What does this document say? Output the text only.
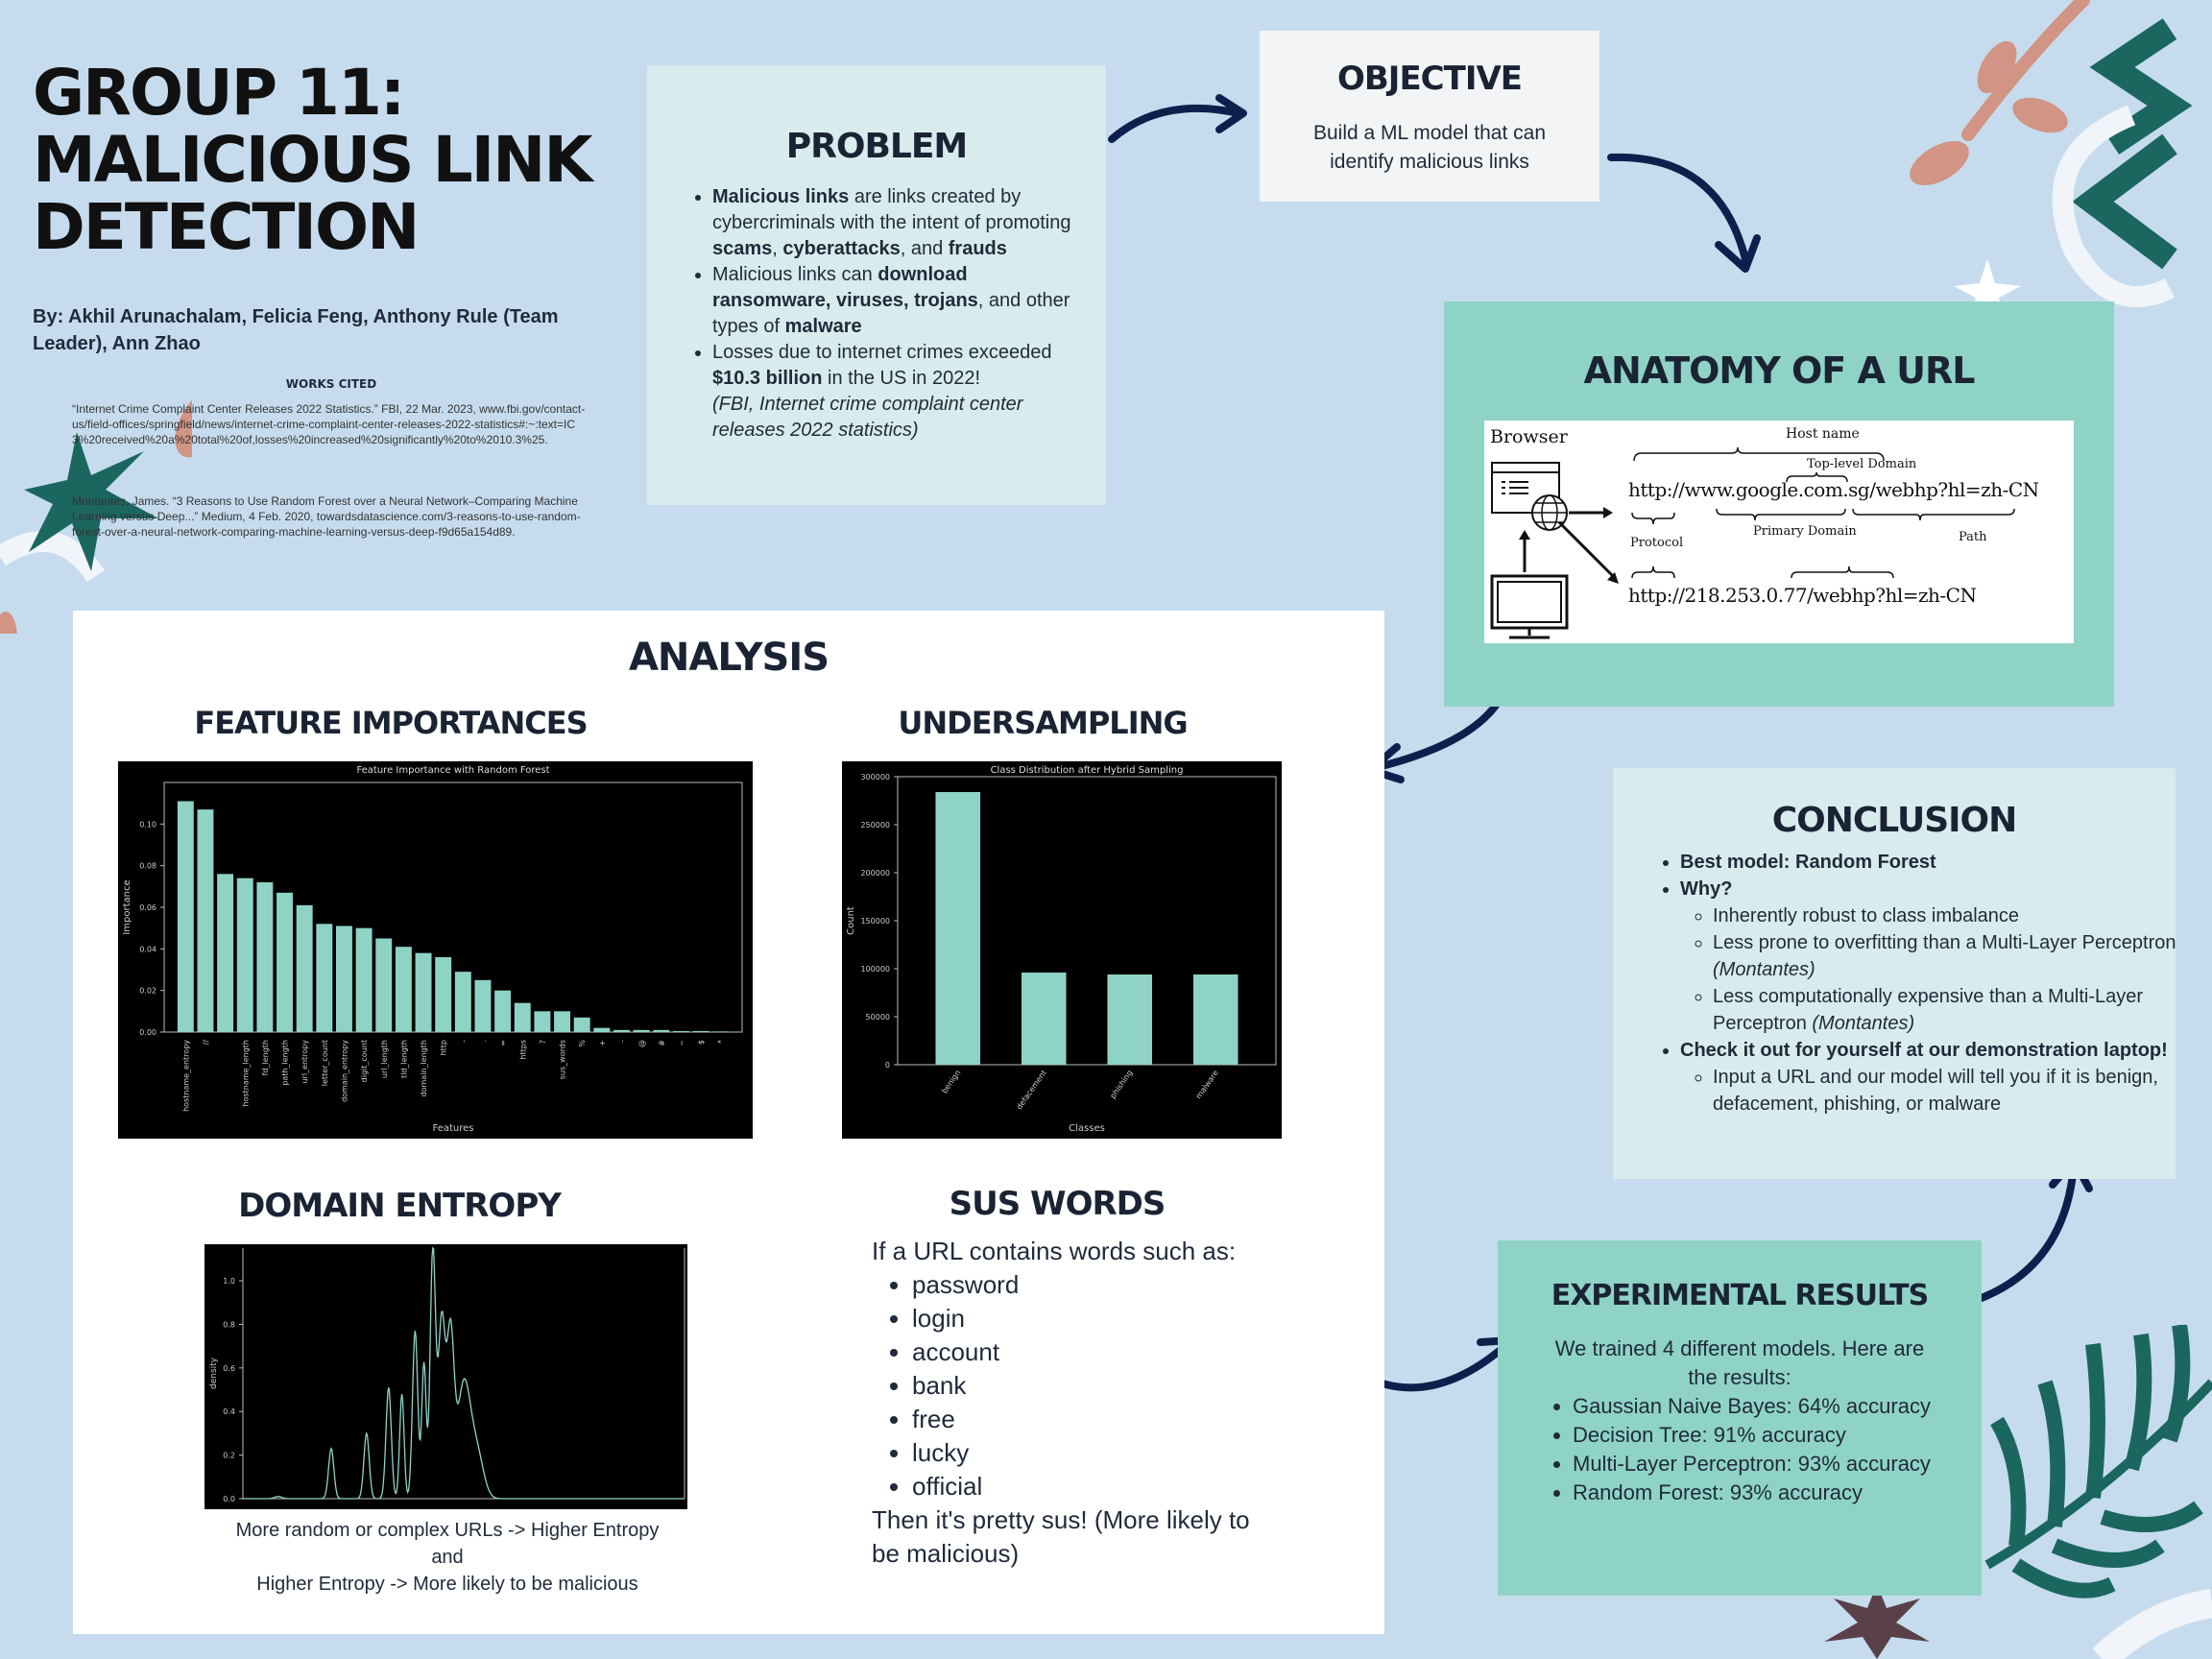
GROUP 11:
MALICIOUS LINK
DETECTION
By: Akhil Arunachalam, Felicia Feng, Anthony Rule (Team Leader), Ann Zhao
WORKS CITED
“Internet Crime Complaint Center Releases 2022 Statistics.” FBI, 22 Mar. 2023, www.fbi.gov/contact-us/field-offices/springfield/news/internet-crime-complaint-center-releases-2022-statistics#:~:text=IC3%20received%20a%20total%20of,losses%20increased%20significantly%20to%2010.3%25.
Montantes, James. “3 Reasons to Use Random Forest over a Neural Network–Comparing Machine Learning versus Deep...” Medium, 4 Feb. 2020, towardsdatascience.com/3-reasons-to-use-random-forest-over-a-neural-network-comparing-machine-learning-versus-deep-f9d65a154d89.
PROBLEM
• Malicious links are links created by cybercriminals with the intent of promoting scams, cyberattacks, and frauds
• Malicious links can download ransomware, viruses, trojans, and other types of malware
• Losses due to internet crimes exceeded $10.3 billion in the US in 2022!
(FBI, Internet crime complaint center releases 2022 statistics)
OBJECTIVE
Build a ML model that can identify malicious links
ANATOMY OF A URL
Browser	Host name
Top-level Domain
http://www.google.com.sg/webhp?hl=zh-CN
Primary Domain
Protocol	Path
http://218.253.0.77/webhp?hl=zh-CN
ANALYSIS
FEATURE IMPORTANCES
Feature Importance with Random Forest
0.00
0.02
0.04
0.06
0.08
0.10
Importance
Features
hostname_entropy //	hostname_length fd_length path_length url_entropy letter_count domain_entropy digit_count url_length tld_length domain_length http - . = https ? sus_words % + - @ # ~ $ *
UNDERSAMPLING
Class Distribution after Hybrid Sampling
0
50000
100000
150000
200000
250000
300000
Count
Classes
benign	defacement	phishing	malware
DOMAIN ENTROPY
0.0
0.2
0.4
0.6
0.8
1.0
density
More random or complex URLs -> Higher Entropy
and
Higher Entropy -> More likely to be malicious
SUS WORDS
If a URL contains words such as:
• password
• login
• account
• bank
• free
• lucky
• official
Then it's pretty sus! (More likely to be malicious)
CONCLUSION
• Best model: Random Forest
• Why?
◦ Inherently robust to class imbalance
◦ Less prone to overfitting than a Multi-Layer Perceptron (Montantes)
◦ Less computationally expensive than a Multi-Layer Perceptron (Montantes)
• Check it out for yourself at our demonstration laptop!
◦ Input a URL and our model will tell you if it is benign, defacement, phishing, or malware
EXPERIMENTAL RESULTS
We trained 4 different models. Here are the results:
• Gaussian Naive Bayes: 64% accuracy
• Decision Tree: 91% accuracy
• Multi-Layer Perceptron: 93% accuracy
• Random Forest: 93% accuracy
